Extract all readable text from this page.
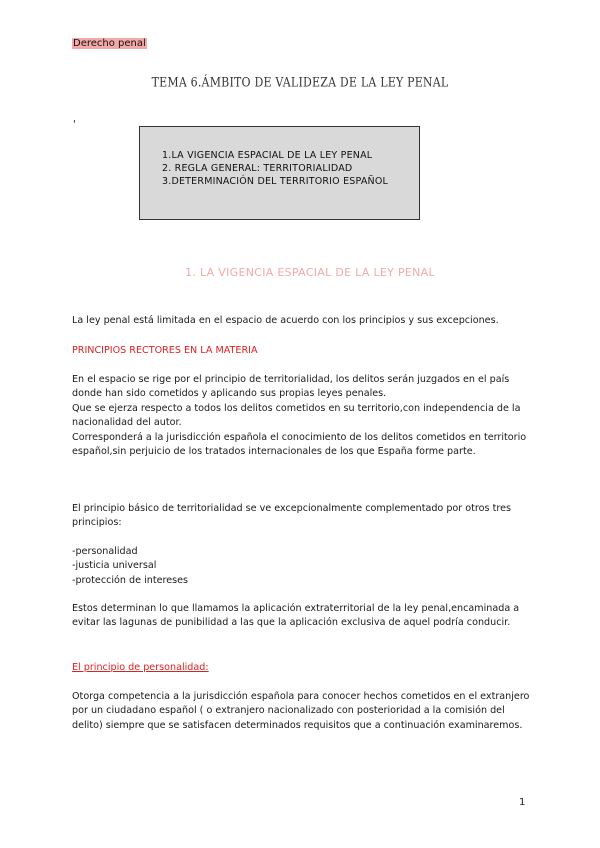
Derecho penal
TEMA 6.ÁMBITO DE VALIDEZA DE LA LEY PENAL
'

1.LA VIGENCIA ESPACIAL DE LA LEY PENAL

2. REGLA GENERAL: TERRITORIALIDAD

3.DETERMINACIÓN DEL TERRITORIO ESPAÑOL

1. LA VIGENCIA ESPACIAL DE LA LEY PENAL

La ley penal está limitada en el espacio de acuerdo con los principios y sus excepciones.

PRINCIPIOS RECTORES EN LA MATERIA

En el espacio se rige por el principio de territorialidad, los delitos serán juzgados en el país donde han sido cometidos y aplicando sus propias leyes penales.

Que se ejerza respecto a todos los delitos cometidos en su territorio,con independencia de la nacionalidad del autor.

Corresponderá a la jurisdicción española el conocimiento de los delitos cometidos en territorio español,sin perjuicio de los tratados internacionales de los que España forme parte.

El principio básico de territorialidad se ve excepcionalmente complementado por otros tres principios:

-personalidad

-justicia universal

-protección de intereses

Estos determinan lo que llamamos la aplicación extraterritorial de la ley penal,encaminada a evitar las lagunas de punibilidad a las que la aplicación exclusiva de aquel podría conducir.

El principio de personalidad:

Otorga competencia a la jurisdicción española para conocer hechos cometidos en el extranjero por un ciudadano español ( o extranjero nacionalizado con posterioridad a la comisión del delito) siempre que se satisfacen determinados requisitos que a continuación examinaremos.

1
